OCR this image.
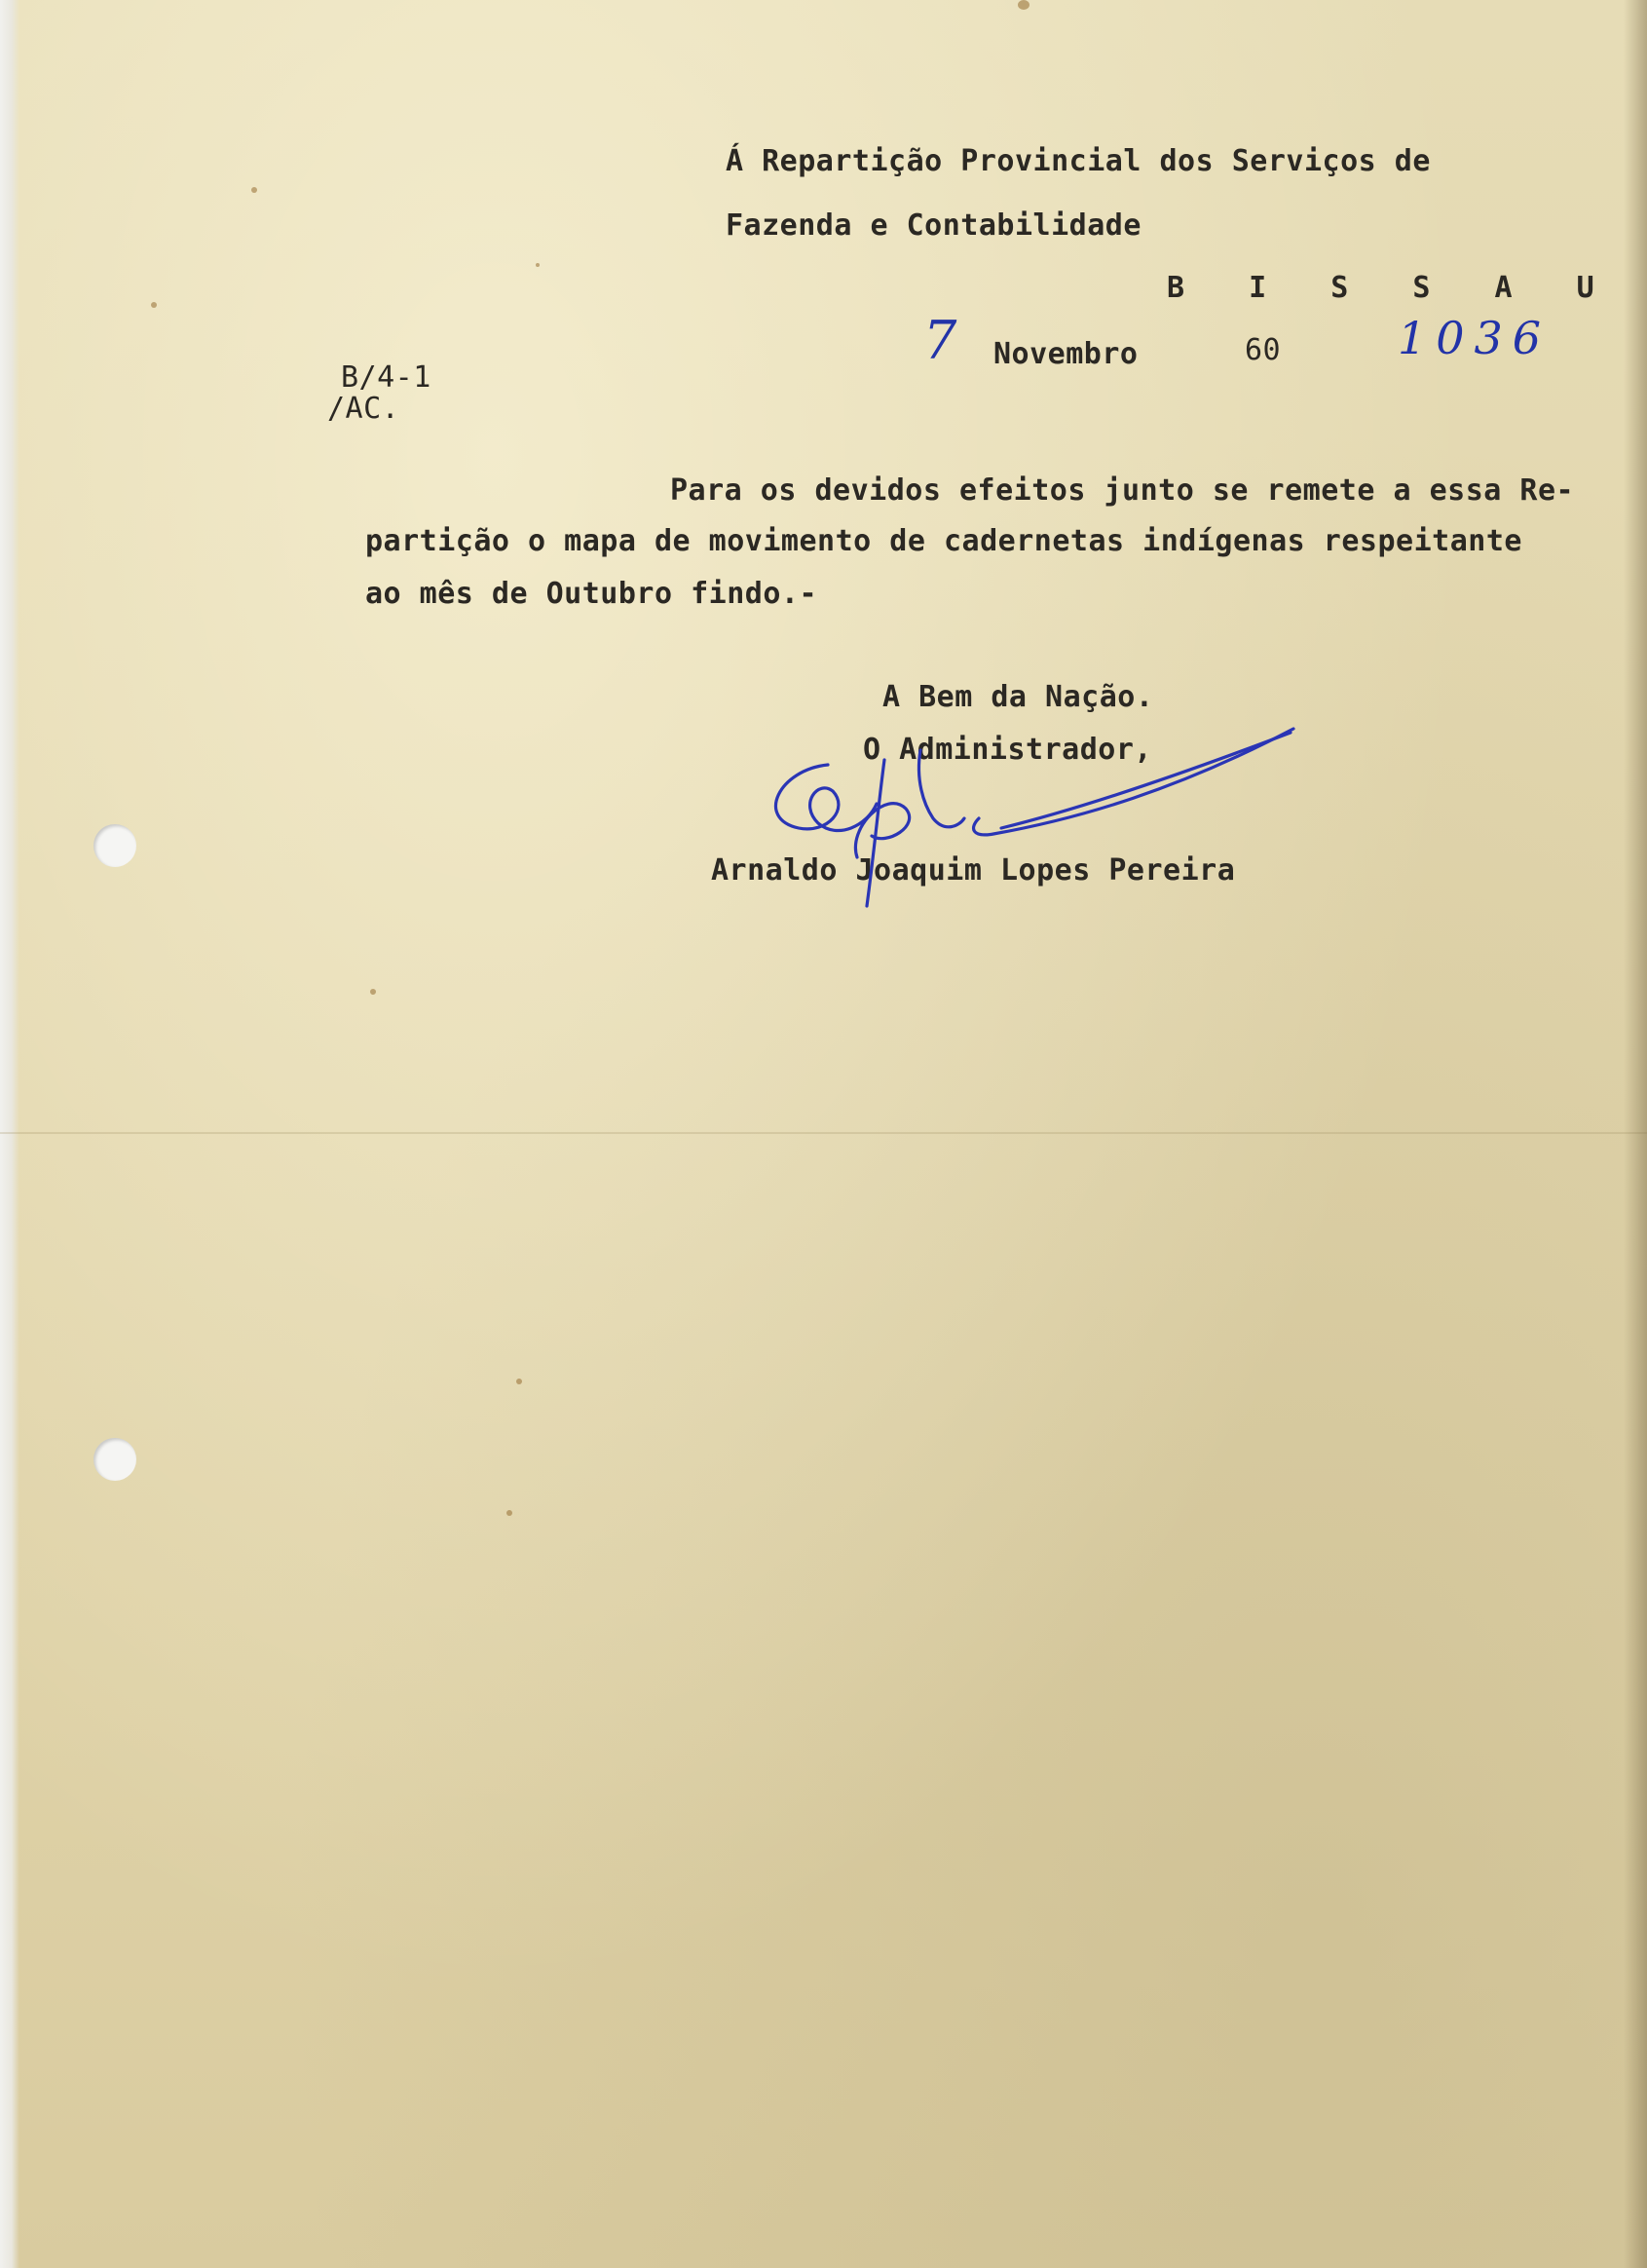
Á Repartição Provincial dos Serviços de

Fazenda e Contabilidade

B I S S A U

7 Novembro	60	1036

B/4-1

/AC.

Para os devidos efeitos junto se remete a essa Re-

partição o mapa de movimento de cadernetas indígenas respeitante

ao mês de Outubro findo.-

A Bem da Nação.

O Administrador,

Arnaldo Joaquim Lopes Pereira
